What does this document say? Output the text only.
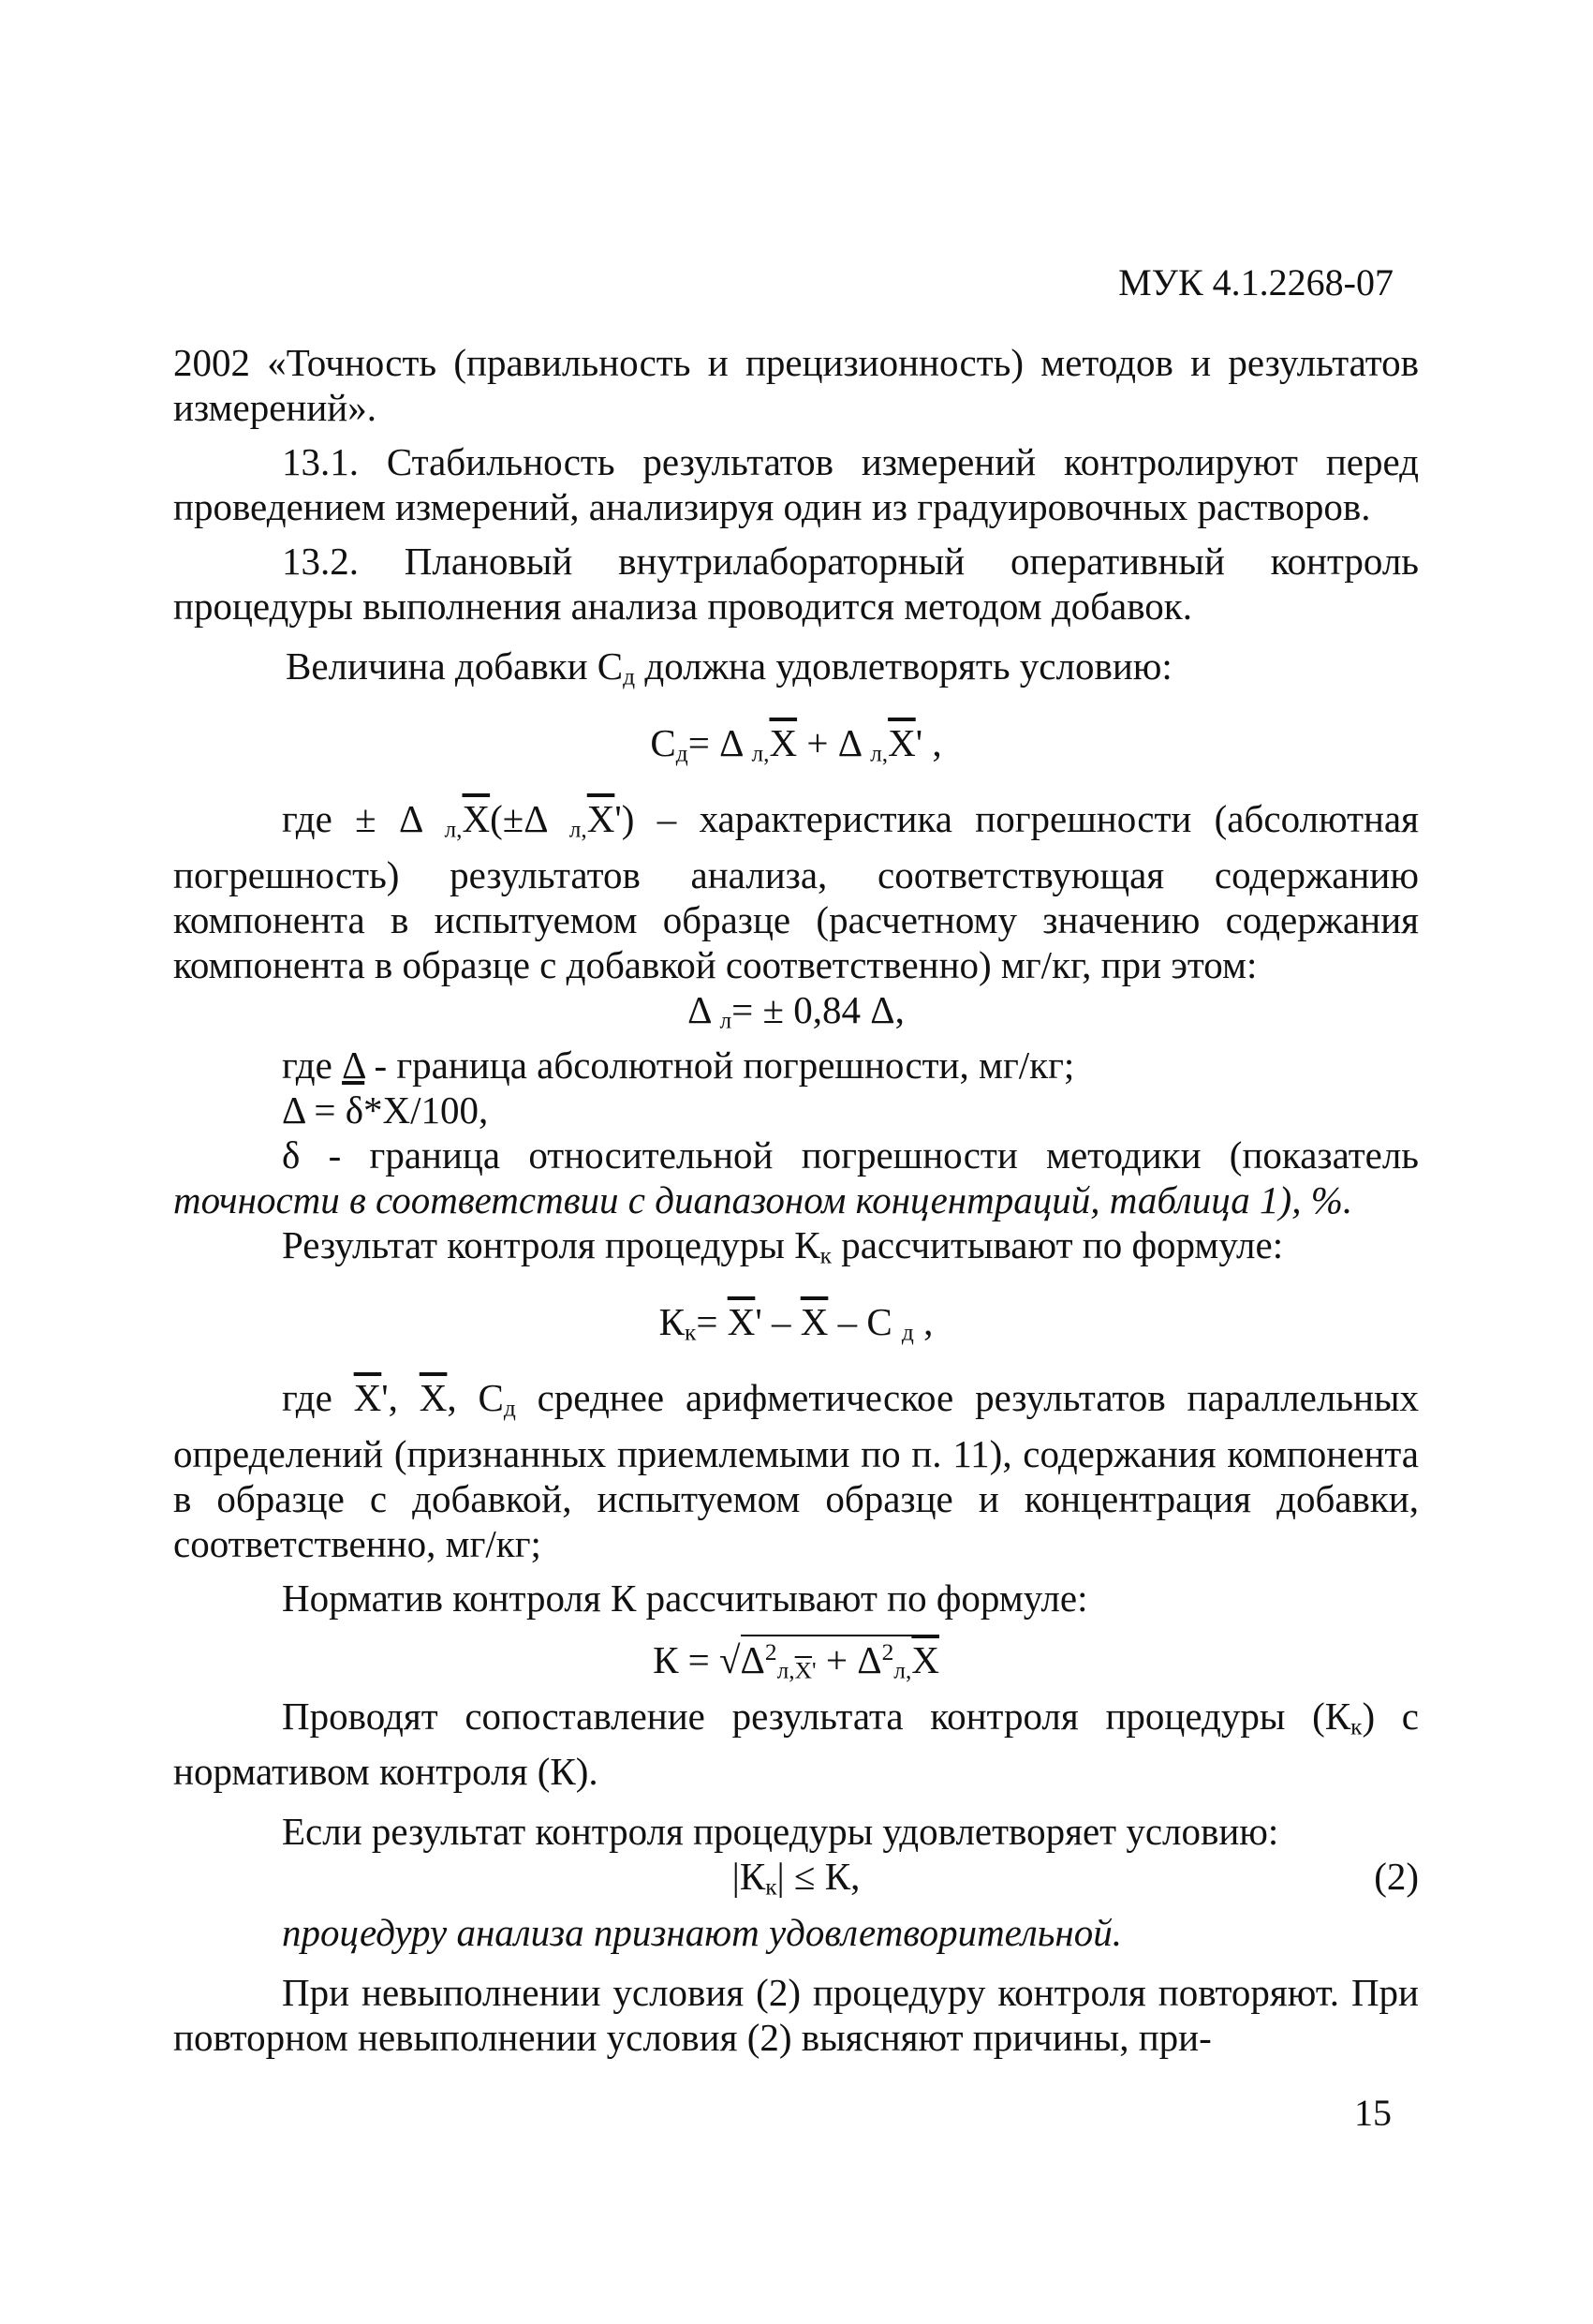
МУК 4.1.2268-07

2002 «Точность (правильность и прецизионность) методов и результатов измерений».

13.1. Стабильность результатов измерений контролируют перед проведением измерений, анализируя один из градуировочных растворов.

13.2. Плановый внутрилабораторный оперативный контроль процедуры выполнения анализа проводится методом добавок.

Величина добавки $С_д$ должна удовлетворять условию:

$С_д= \Delta$ $_{л,}\overline{X} + \Delta$ $_{л,}\overline{X}'$ ,

где ± Δ $_{л,}\overline{X}(\pm\Delta$ $_{л,}\overline{X}'$) – характеристика погрешности (абсолютная погрешность) результатов анализа, соответствующая содержанию компонента в испытуемом образце (расчетному значению содержания компонента в образце с добавкой соответственно) мг/кг, при этом:

Δ $_л$= ± 0,84 Δ,

где Δ - граница абсолютной погрешности, мг/кг;

Δ = δ*Х/100,

δ - граница относительной погрешности методики (показатель точности в соответствии с диапазоном концентраций, таблица 1), %.

Результат контроля процедуры $К_к$ рассчитывают по формуле:

$К_к= \overline{X}' - \overline{X} - С$ $_д$ ,

где $\overline{X}'$, $\overline{X}$, $С_д$ среднее арифметическое результатов параллельных определений (признанных приемлемыми по п. 11), содержания компонента в образце с добавкой, испытуемом образце и концентрация добавки, соответственно, мг/кг;

Норматив контроля К рассчитывают по формуле:

$К = √\Delta^2_{л,\overline{X}'} + \Delta^2_{л,}\overline{X}$

Проводят сопоставление результата контроля процедуры $(К_к)$ с нормативом контроля (К).

Если результат контроля процедуры удовлетворяет условию:

$|К_к| \le К$,	(2)

процедуру анализа признают удовлетворительной.

При невыполнении условия (2) процедуру контроля повторяют. При повторном невыполнении условия (2) выясняют причины, при-

15
